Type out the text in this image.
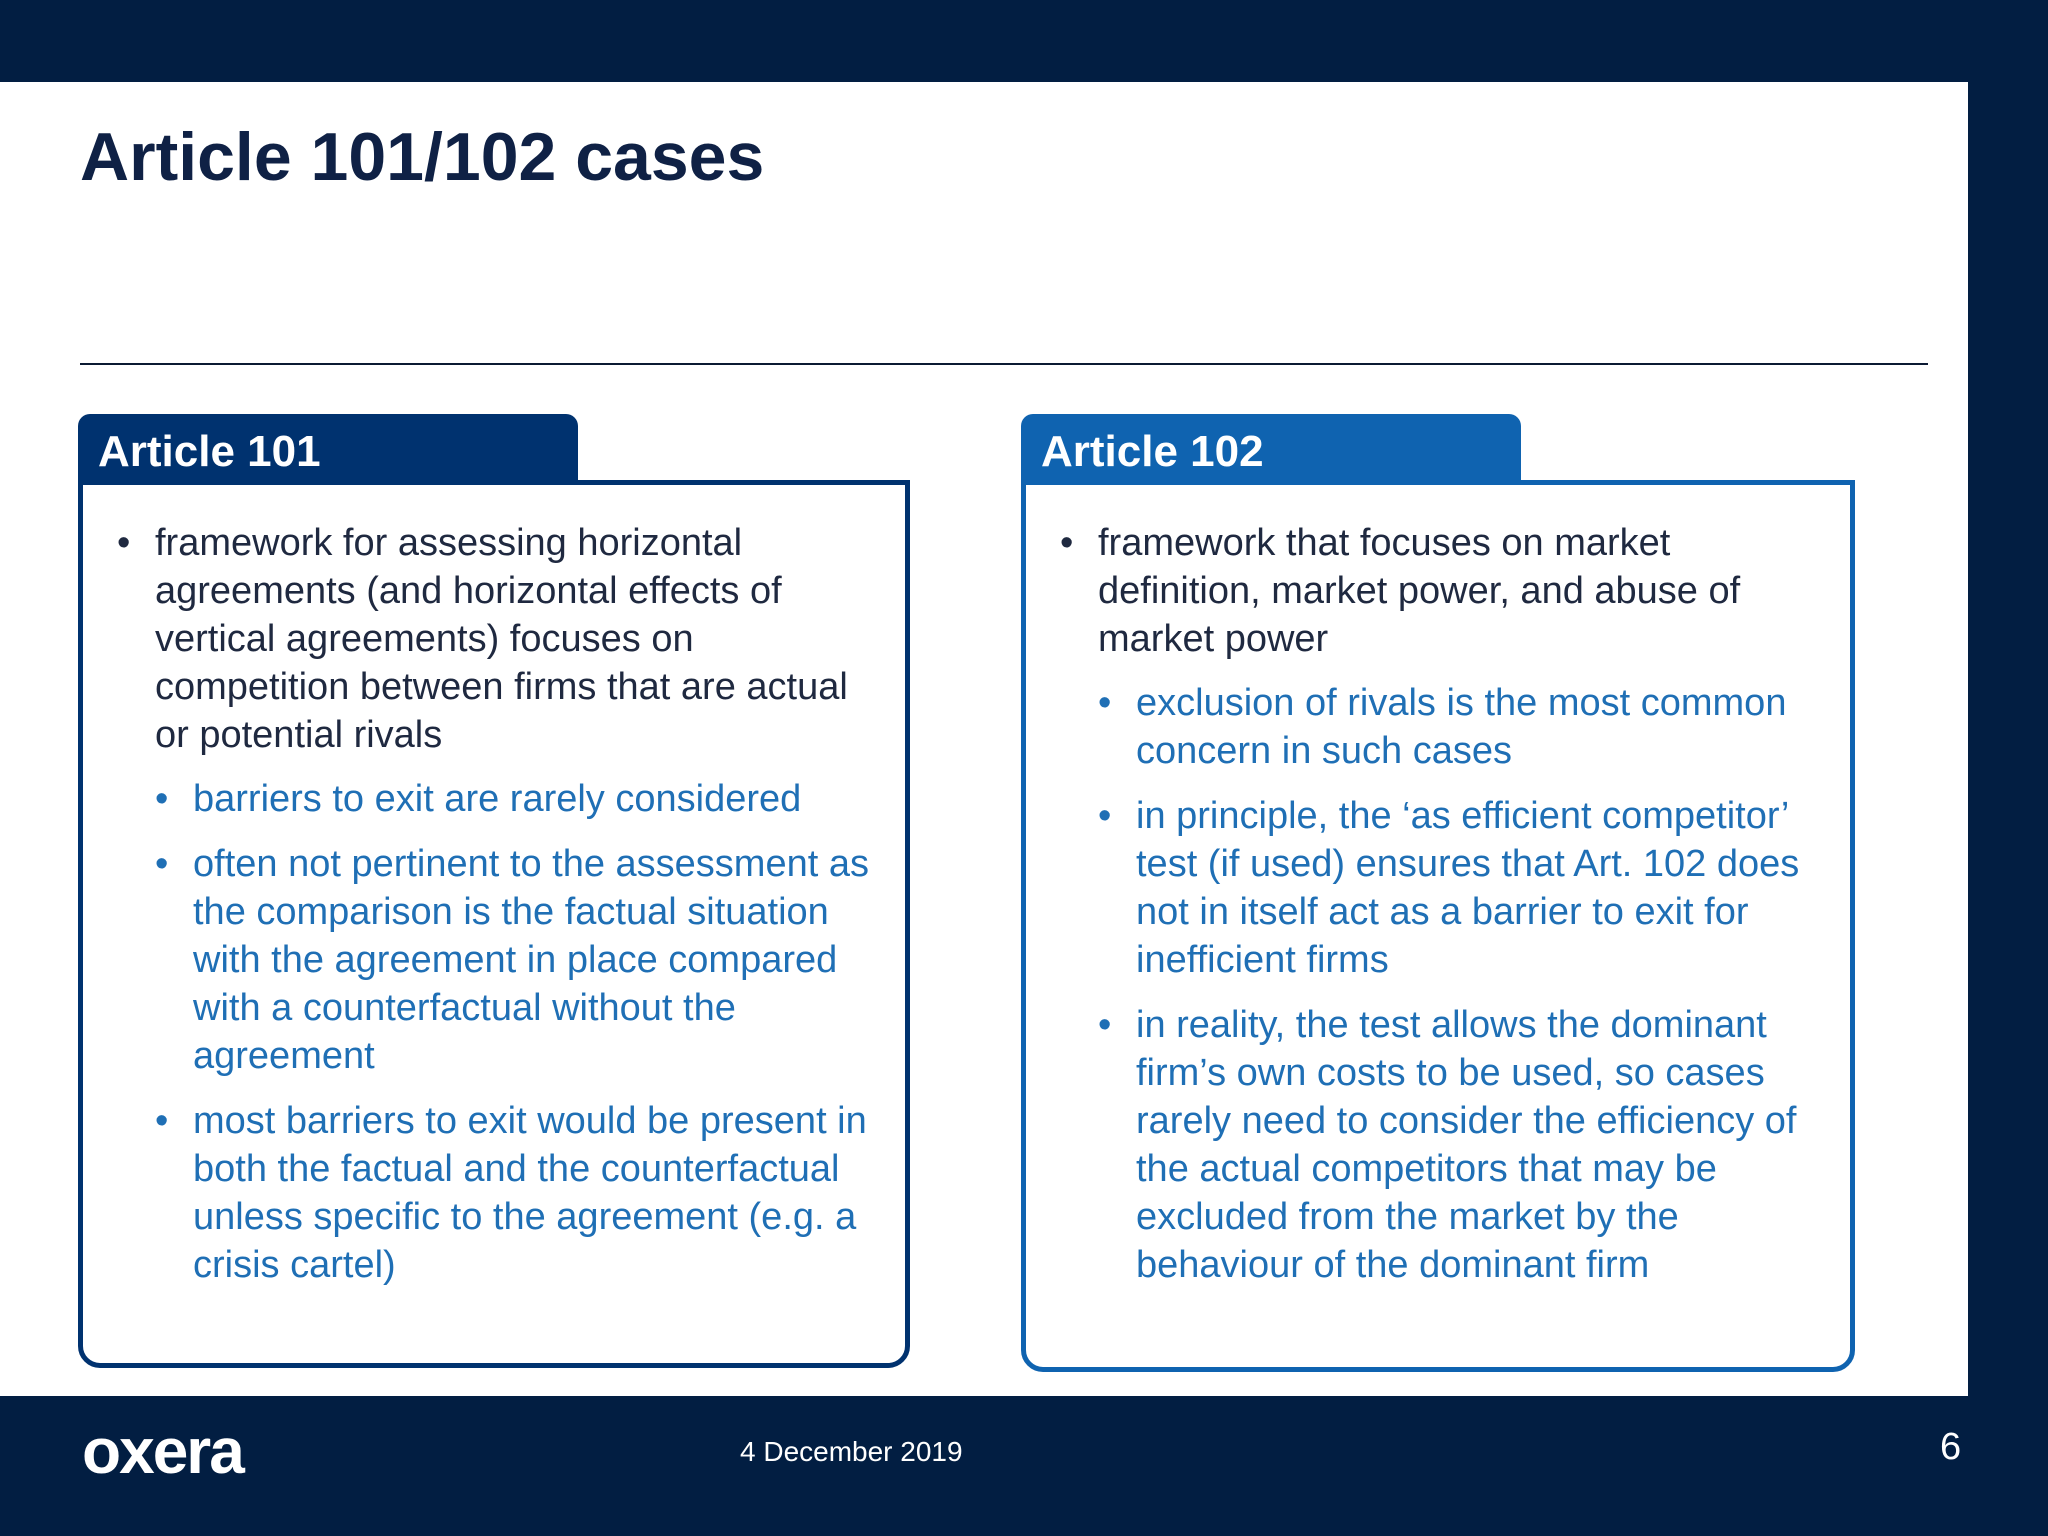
Article 101/102 cases
Article 101
• framework for assessing horizontal agreements (and horizontal effects of vertical agreements) focuses on competition between firms that are actual or potential rivals
• barriers to exit are rarely considered
• often not pertinent to the assessment as the comparison is the factual situation with the agreement in place compared with a counterfactual without the agreement
• most barriers to exit would be present in both the factual and the counterfactual unless specific to the agreement (e.g. a crisis cartel)
Article 102
• framework that focuses on market definition, market power, and abuse of market power
• exclusion of rivals is the most common concern in such cases
• in principle, the ‘as efficient competitor’ test (if used) ensures that Art. 102 does not in itself act as a barrier to exit for inefficient firms
• in reality, the test allows the dominant firm’s own costs to be used, so cases rarely need to consider the efficiency of the actual competitors that may be excluded from the market by the behaviour of the dominant firm
oxera	4 December 2019	6
